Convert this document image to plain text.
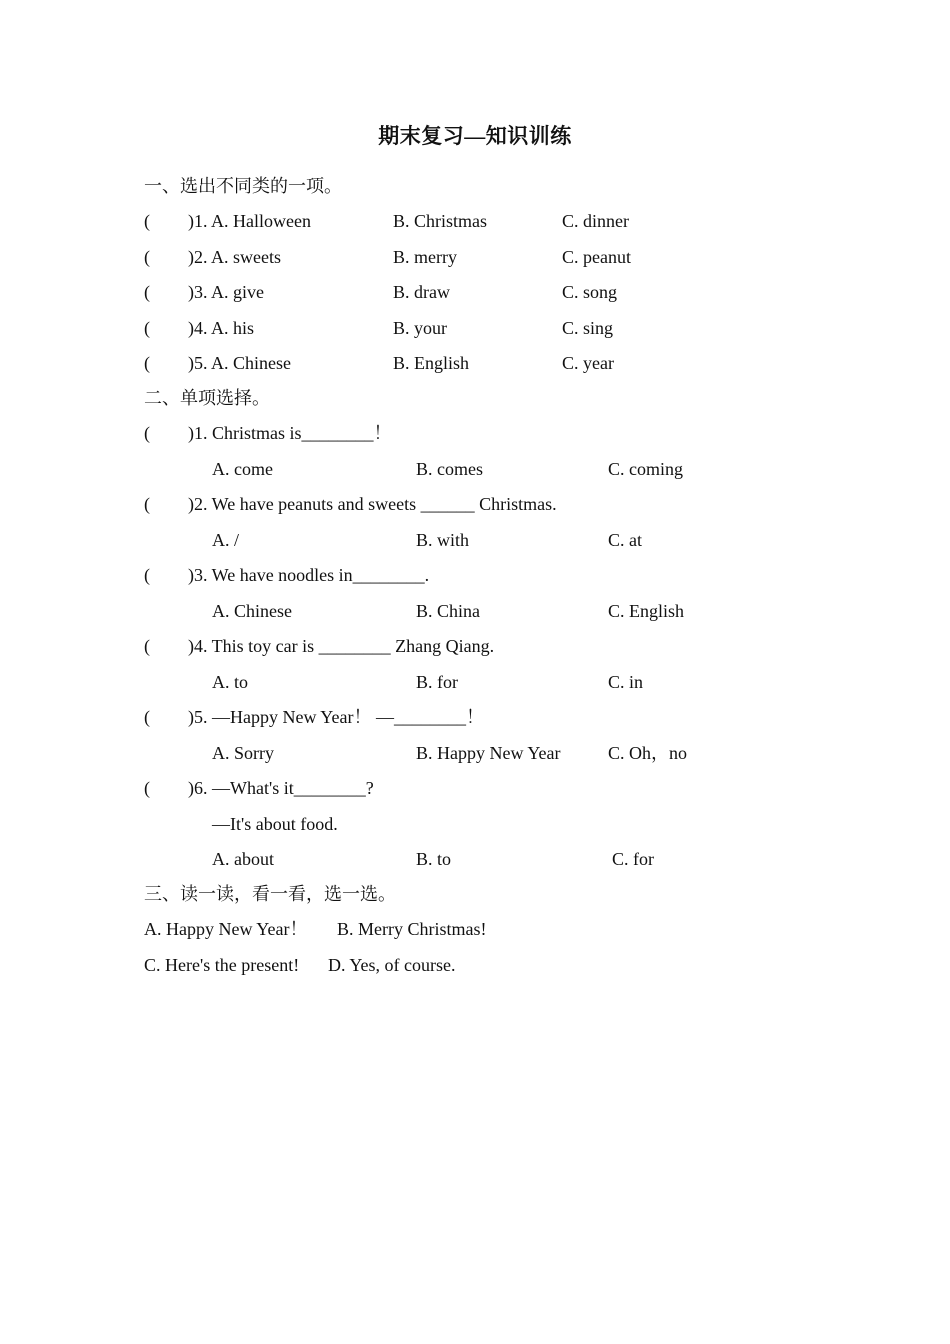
期末复习—知识训练
一、选出不同类的一项。
( )1. A. Halloween	B. Christmas	C. dinner
( )2. A. sweets	B. merry	C. peanut
( )3. A. give	B. draw	C. song
( )4. A. his	B. your	C. sing
( )5. A. Chinese	B. English	C. year
二、单项选择。
( )1. Christmas is________！
A. come	B. comes	C. coming
( )2. We have peanuts and sweets ______ Christmas.
A. /	B. with	C. at
( )3. We have noodles in________.
A. Chinese	B. China	C. English
( )4. This toy car is ________ Zhang Qiang.
A. to	B. for	C. in
( )5. —Happy New Year！ —________！
A. Sorry	B. Happy New Year	C. Oh，no
( )6. —What's it________?
—It's about food.
A. about	B. to	C. for
三、读一读，看一看，选一选。
A. Happy New Year！ B. Merry Christmas!
C. Here's the present! D. Yes, of course.
